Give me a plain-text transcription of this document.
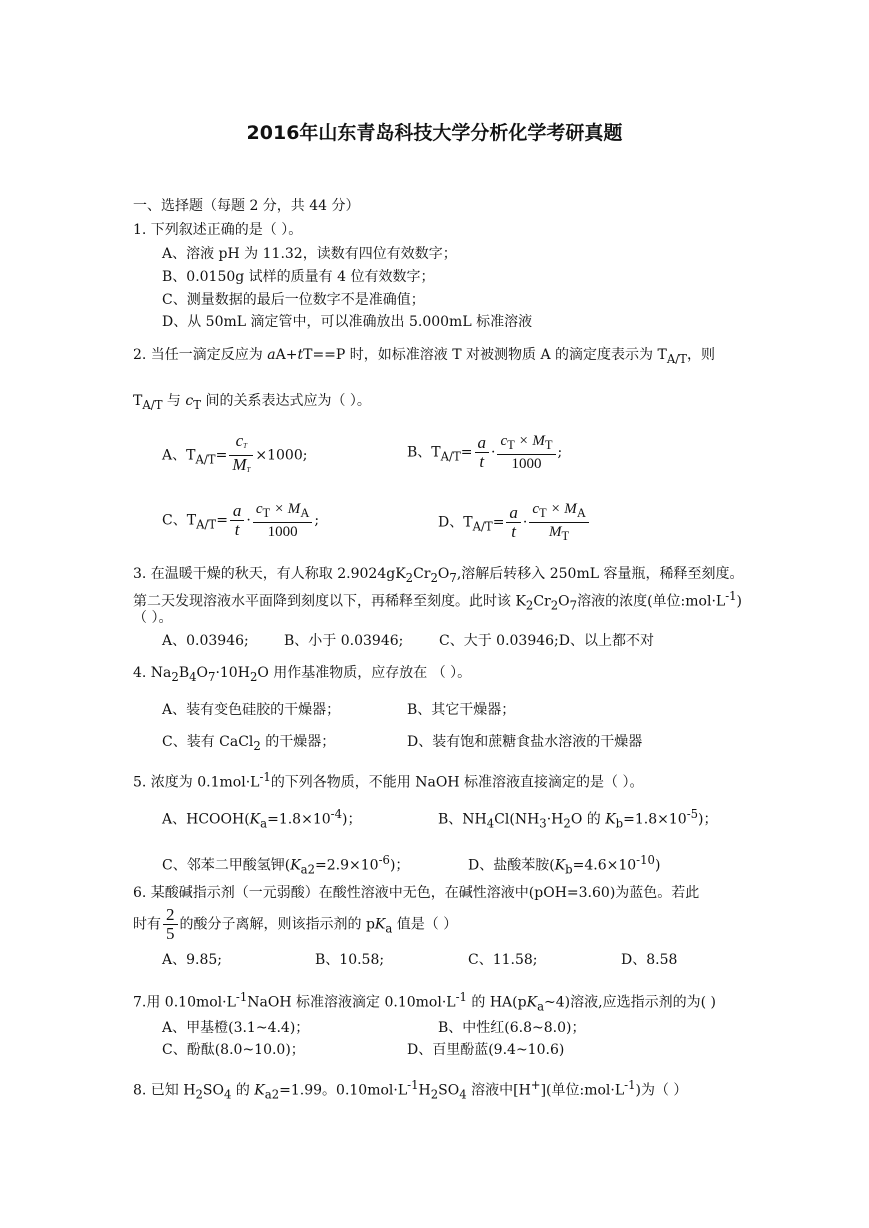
2016年山东青岛科技大学分析化学考研真题
一、选择题（每题 2 分，共 44 分）
1. 下列叙述正确的是（ ）。
A、溶液 pH 为 11.32，读数有四位有效数字；
B、0.0150g 试样的质量有 4 位有效数字；
C、测量数据的最后一位数字不是准确值；
D、从 50mL 滴定管中，可以准确放出 5.000mL 标准溶液
2. 当任一滴定反应为 aA+tT==P 时，如标准溶液 T 对被测物质 A 的滴定度表示为 $T_{A/T}$，则
$T_{A/T}$ 与 $c_T$ 间的关系表达式应为（ ）。
A、$T_{A/T}= \frac{cT}{MT} \times 1000$;	B、$T_{A/T}= \frac{a}{t} \cdot \frac{c_T \times M_T}{1000}$ ;
C、$T_{A/T}= \frac{a}{t} \cdot \frac{c_T \times M_A}{1000}$ ;	D、$T_{A/T}= \frac{a}{t} \cdot \frac{c_T \times M_A}{M_T}$
3. 在温暖干燥的秋天，有人称取 $2.9024gK_2Cr_2O_7$,溶解后转移入 250mL 容量瓶，稀释至刻度。
第二天发现溶液水平面降到刻度以下，再稀释至刻度。此时该 $K_2Cr_2O_7$溶液的浓度(单位$:mol\cdot L^{-1}$)
（ ）。
A、0.03946;	B、小于 0.03946;	C、大于 0.03946;D、以上都不对
4. $Na_2B_4O_7\cdot 10H_2O$ 用作基准物质，应存放在 （ ）。
A、装有变色硅胶的干燥器；	B、其它干燥器；
C、装有 CaCl$_2$ 的干燥器；	D、装有饱和蔗糖食盐水溶液的干燥器
5. 浓度为 $0.1mol\cdot L^{-1}$的下列各物质，不能用 NaOH 标准溶液直接滴定的是（ ）。
A、$HCOOH(K_a=1.8\times 10^{-4})$；	B、$NH_4Cl(NH_3\cdot H_2O$ 的 $K_b=1.8\times 10^{-5}$)；
C、邻苯二甲酸氢钾$(K_{a2}=2.9\times 10^{-6})$；	D、盐酸苯胺$(K_b=4.6\times 10^{-10})$
6. 某酸碱指示剂（一元弱酸）在酸性溶液中无色，在碱性溶液中(pOH=3.60)为蓝色。若此
时有 $\frac{2}{5}$ 的酸分子离解，则该指示剂的 $pK_a$ 值是（ ）
A、9.85;	B、10.58;	C、11.58;	D、8.58
7.用 $0.10mol\cdot L^{-1}NaOH$ 标准溶液滴定 $0.10mol\cdot L^{-1}$ 的 $HA(pK_a\sim 4)$溶液,应选指示剂的为( )
A、甲基橙(3.1~4.4)；	B、中性红(6.8~8.0)；
C、酚酞(8.0~10.0)；	D、百里酚蓝(9.4~10.6)
8. 已知 $H_2SO_4$ 的 $K_{a2}=1.99$。$0.10mol\cdot L^{-1}H_2SO_4$ 溶液中[H+](单位$:mol\cdot L^{-1}$)为（ ）
